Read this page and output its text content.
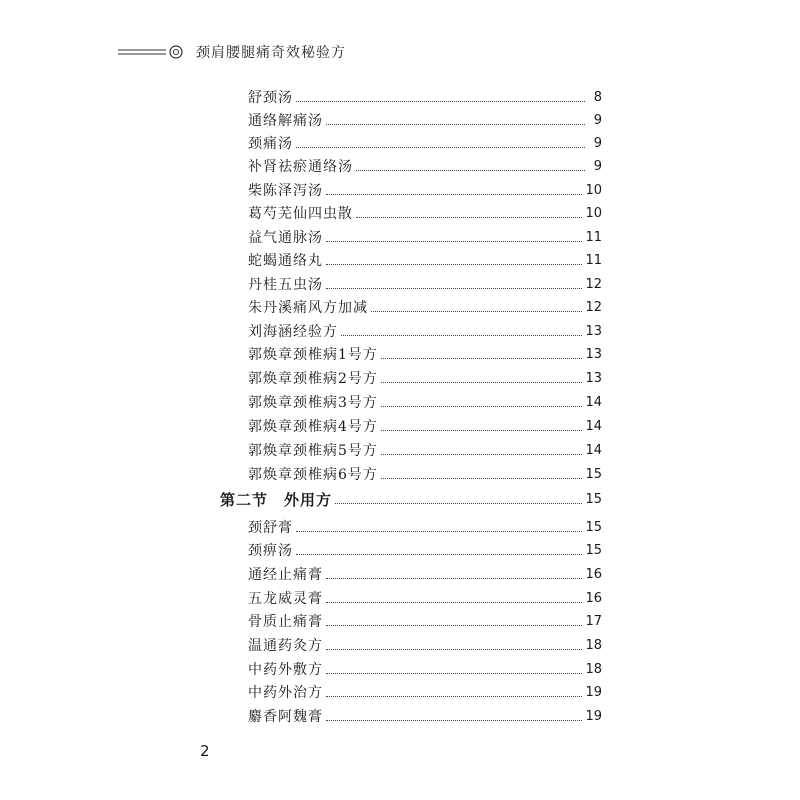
颈肩腰腿痛奇效秘验方
舒颈汤	8
通络解痛汤	9
颈痛汤	9
补肾祛瘀通络汤	9
柴陈泽泻汤	10
葛芍芜仙四虫散	10
益气通脉汤	11
蛇蝎通络丸	11
丹桂五虫汤	12
朱丹溪痛风方加减	12
刘海涵经验方	13
郭焕章颈椎病1号方	13
郭焕章颈椎病2号方	13
郭焕章颈椎病3号方	14
郭焕章颈椎病4号方	14
郭焕章颈椎病5号方	14
郭焕章颈椎病6号方	15
第二节　外用方	15
颈舒膏	15
颈痹汤	15
通经止痛膏	16
五龙威灵膏	16
骨质止痛膏	17
温通药灸方	18
中药外敷方	18
中药外治方	19
麝香阿魏膏	19
2
